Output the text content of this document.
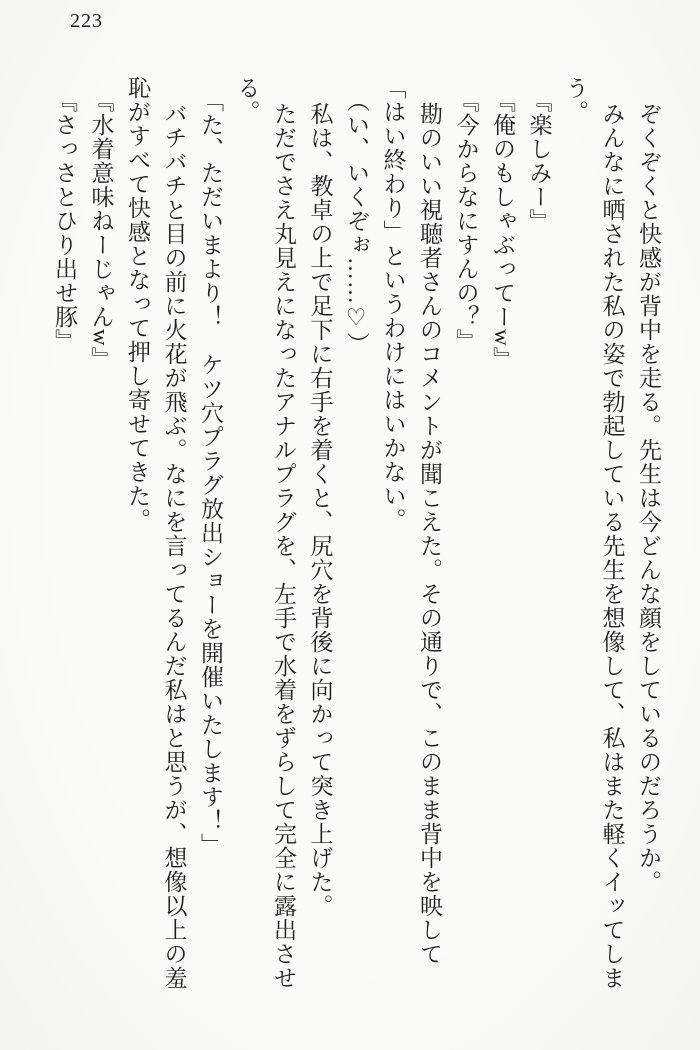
223

ぞくぞくと快感が背中を走る。先生は今どんな顔をしているのだろうか。

みんなに晒された私の姿で勃起している先生を想像して、私はまた軽くイッてしまう。

『楽しみー』

『俺のもしゃぶってーw』

『今からなにすんの？』

勘のいい視聴者さんのコメントが聞こえた。その通りで、このまま背中を映して「はい終わり」というわけにはいかない。

（い、いくぞぉ……♡）

私は、教卓の上で足下に右手を着くと、尻穴を背後に向かって突き上げた。

ただでさえ丸見えになったアナルプラグを、左手で水着をずらして完全に露出させる。

「た、ただいまより！　ケツ穴プラグ放出ショーを開催いたします！」

バチバチと目の前に火花が飛ぶ。なにを言ってるんだ私はと思うが、想像以上の羞恥がすべて快感となって押し寄せてきた。

『水着意味ねーじゃんw』

『さっさとひり出せ豚』
